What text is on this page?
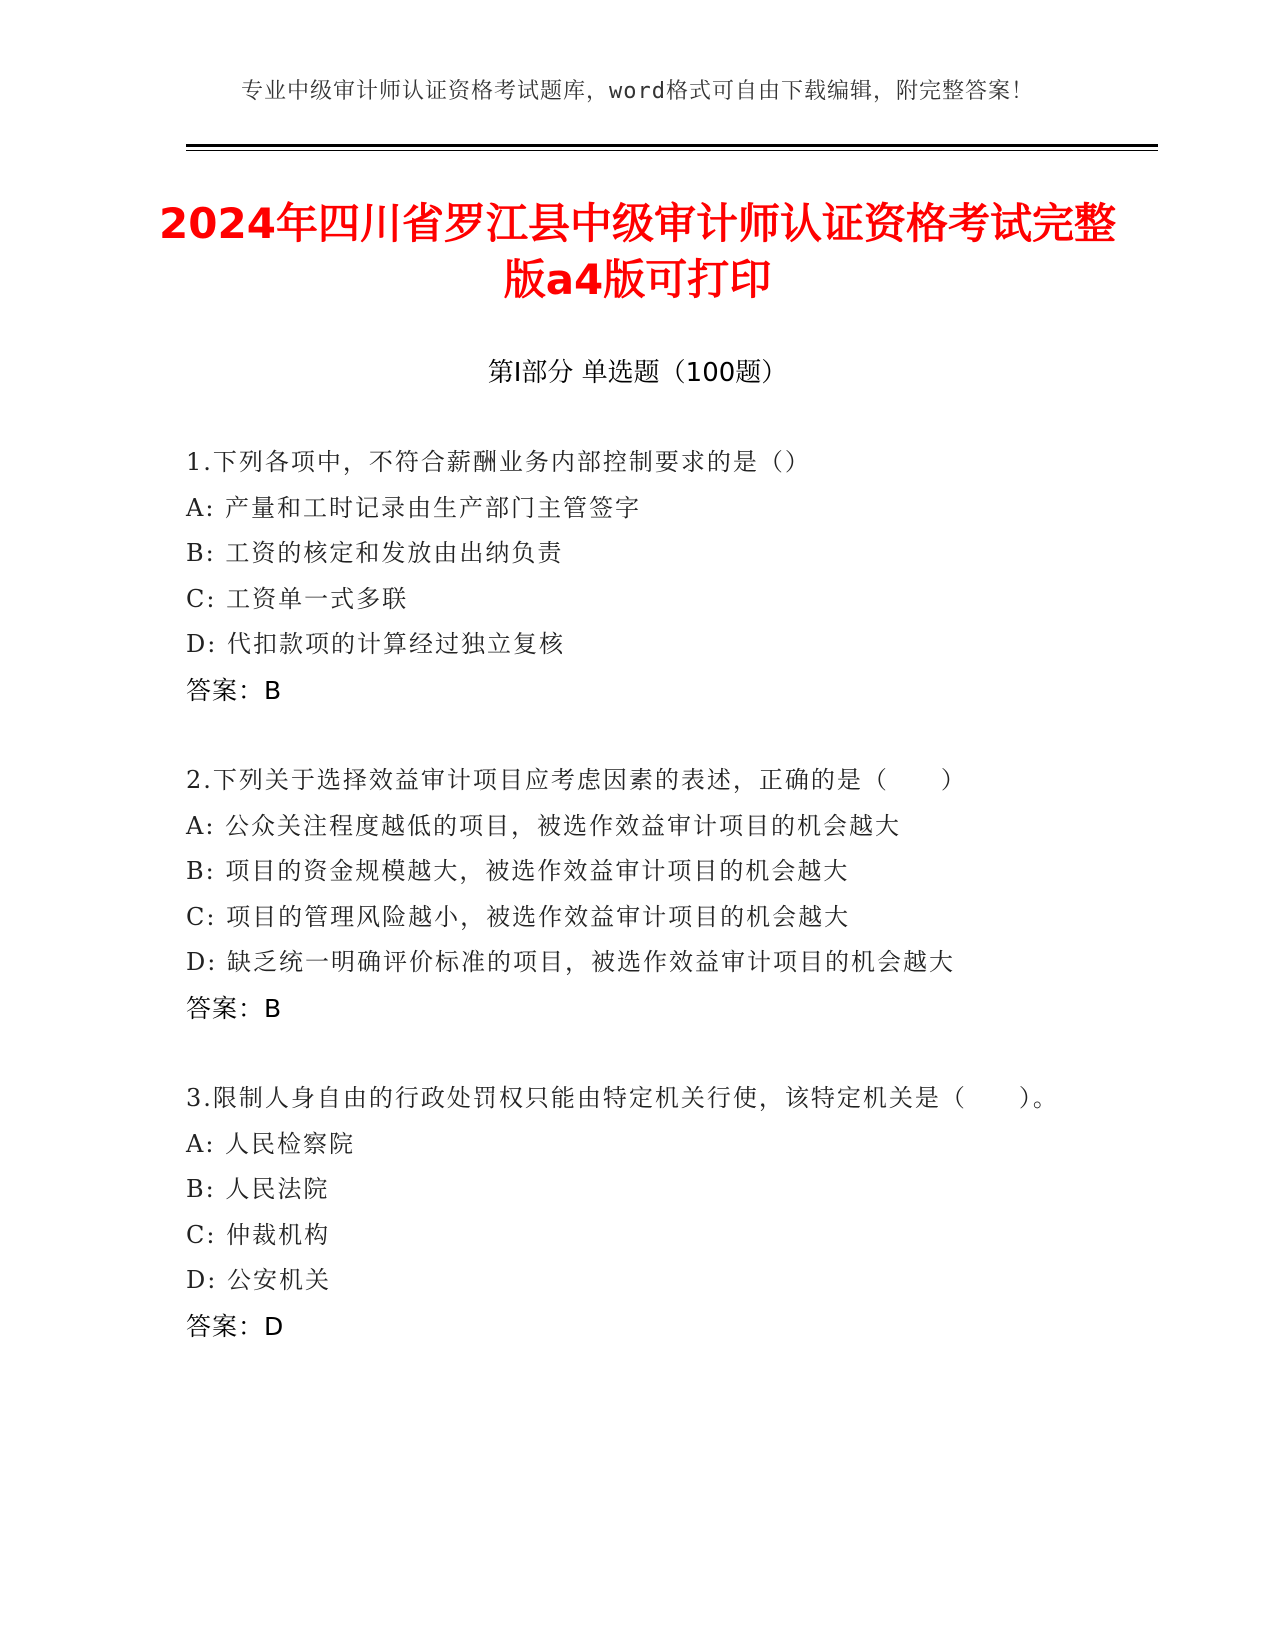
专业中级审计师认证资格考试题库，word格式可自由下载编辑，附完整答案！
2024年四川省罗江县中级审计师认证资格考试完整版a4版可打印
第Ⅰ部分 单选题（100题）
1.下列各项中，不符合薪酬业务内部控制要求的是（）
A: 产量和工时记录由生产部门主管签字
B: 工资的核定和发放由出纳负责
C: 工资单一式多联
D: 代扣款项的计算经过独立复核
答案：B
2.下列关于选择效益审计项目应考虑因素的表述，正确的是（　　）
A: 公众关注程度越低的项目，被选作效益审计项目的机会越大
B: 项目的资金规模越大，被选作效益审计项目的机会越大
C: 项目的管理风险越小，被选作效益审计项目的机会越大
D: 缺乏统一明确评价标准的项目，被选作效益审计项目的机会越大
答案：B
3.限制人身自由的行政处罚权只能由特定机关行使，该特定机关是（　　）。
A: 人民检察院
B: 人民法院
C: 仲裁机构
D: 公安机关
答案：D
